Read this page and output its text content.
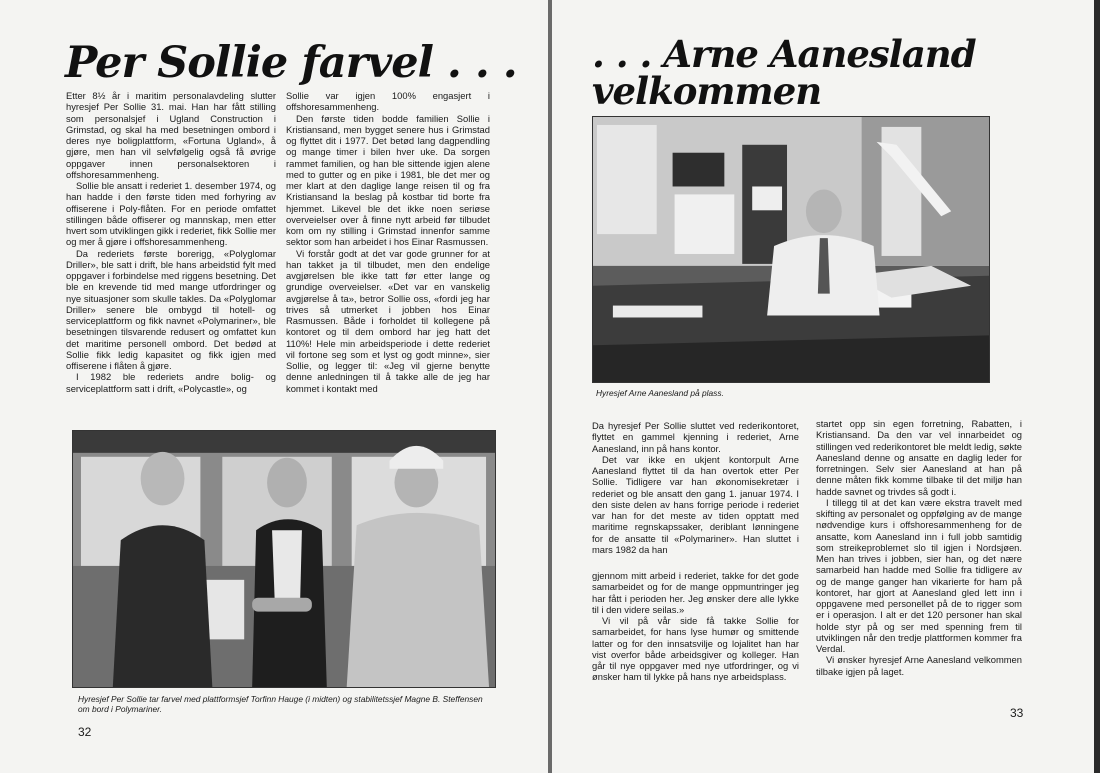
Per Sollie farvel . . .

Etter 8½ år i maritim personalavdeling slutter hyresjef Per Sollie 31. mai. Han har fått stilling som personalsjef i Ugland Construction i Grimstad, og skal ha med besetningen ombord i deres nye boligplattform, «Fortuna Ugland», å gjøre, men han vil selvfølgelig også få øvrige oppgaver innen personalsektoren i offshoresammenheng.

Sollie ble ansatt i rederiet 1. desember 1974, og han hadde i den første tiden med forhyring av offiserene i Poly-flåten. For en periode omfattet stillingen både offiserer og mannskap, men etter hvert som utviklingen gikk i rederiet, fikk Sollie mer og mer å gjøre i offshoresammenheng.

Da rederiets første borerigg, «Polyglomar Driller», ble satt i drift, ble hans arbeidstid fylt med oppgaver i forbindelse med riggens besetning. Det ble en krevende tid med mange utfordringer og nye situasjoner som skulle takles. Da «Polyglomar Driller» senere ble ombygd til hotell- og serviceplattform og fikk navnet «Polymariner», ble besetningen tilsvarende redusert og omfattet kun det maritime personell ombord. Det bedød at Sollie fikk ledig kapasitet og fikk igjen med offiserene i flåten å gjøre.

I 1982 ble rederiets andre bolig- og serviceplattform satt i drift, «Polycastle», og

Sollie var igjen 100% engasjert i offshoresammenheng.

Den første tiden bodde familien Sollie i Kristiansand, men bygget senere hus i Grimstad og flyttet dit i 1977. Det betød lang dagpendling og mange timer i bilen hver uke. Da sorgen rammet familien, og han ble sittende igjen alene med to gutter og en pike i 1981, ble det mer og mer klart at den daglige lange reisen til og fra Kristiansand la beslag på kostbar tid borte fra hjemmet. Likevel ble det ikke noen seriøse overveielser over å finne nytt arbeid før tilbudet kom om ny stilling i Grimstad innenfor samme sektor som han arbeidet i hos Einar Rasmussen.

Vi forstår godt at det var gode grunner for at han takket ja til tilbudet, men den endelige avgjørelsen ble ikke tatt før etter lange og grundige overveielser. «Det var en vanskelig avgjørelse å ta», betror Sollie oss, «fordi jeg har trives så utmerket i jobben hos Einar Rasmussen. Både i forholdet til kollegene på kontoret og til dem ombord har jeg hatt det 110%! Hele min arbeidsperiode i dette rederiet vil fortone seg som et lyst og godt minne», sier Sollie, og legger til: «Jeg vil gjerne benytte denne anledningen til å takke alle de jeg har kommet i kontakt med

Hyresjef Per Sollie tar farvel med plattformsjef Torfinn Hauge (i midten) og stabilitetssjef Magne B. Steffensen om bord i Polymariner.

32

. . . Arne Aanesland
velkommen

Hyresjef Arne Aanesland på plass.

Da hyresjef Per Sollie sluttet ved rederikontoret, flyttet en gammel kjenning i rederiet, Arne Aanesland, inn på hans kontor.

Det var ikke en ukjent kontorpult Arne Aanesland flyttet til da han overtok etter Per Sollie. Tidligere var han økonomisekretær i rederiet og ble ansatt den gang 1. januar 1974. I den siste delen av hans forrige periode i rederiet var han for det meste av tiden opptatt med maritime regnskapssaker, deriblant lønningene for de ansatte til «Polymariner». Han sluttet i mars 1982 da han

gjennom mitt arbeid i rederiet, takke for det gode samarbeidet og for de mange oppmuntringer jeg har fått i perioden her. Jeg ønsker dere alle lykke til i den videre seilas.»

Vi vil på vår side få takke Sollie for samarbeidet, for hans lyse humør og smittende latter og for den innsatsvilje og lojalitet han har vist overfor både arbeidsgiver og kolleger. Han går til nye oppgaver med nye utfordringer, og vi ønsker ham til lykke på hans nye arbeidsplass.

startet opp sin egen forretning, Rabatten, i Kristiansand. Da den var vel innarbeidet og stillingen ved rederikontoret ble meldt ledig, søkte Aanesland denne og ansatte en daglig leder for forretningen. Selv sier Aanesland at han på denne måten fikk komme tilbake til det miljø han hadde savnet og trivdes så godt i.

I tillegg til at det kan være ekstra travelt med skifting av personalet og oppfølging av de mange nødvendige kurs i offshoresammenheng for de ansatte, kom Aanesland inn i full jobb samtidig som streikeproblemet slo til igjen i Nordsjøen. Men han trives i jobben, sier han, og det nære samarbeid han hadde med Sollie fra tidligere av og de mange ganger han vikarierte for ham på kontoret, har gjort at Aanesland gled lett inn i oppgavene med personellet på de to rigger som er i operasjon. I alt er det 120 personer han skal holde styr på og ser med spenning frem til utviklingen når den tredje plattformen kommer fra Verdal.

Vi ønsker hyresjef Arne Aanesland velkommen tilbake igjen på laget.

33
